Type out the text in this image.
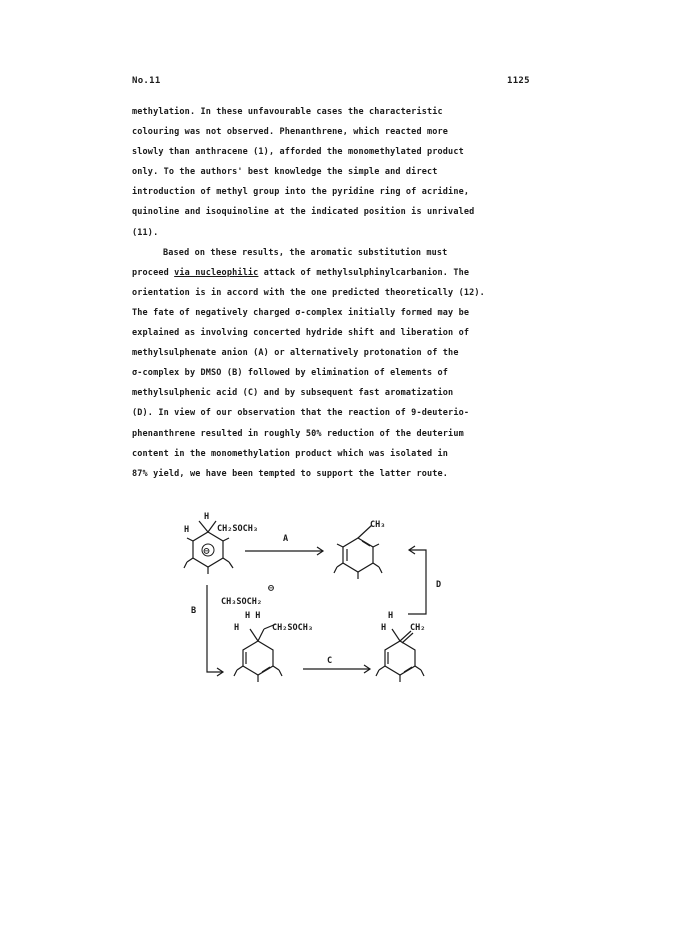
No.11	1125
methylation. In these unfavourable cases the characteristic
colouring was not observed. Phenanthrene, which reacted more
slowly than anthracene (1), afforded the monomethylated product
only. To the authors' best knowledge the simple and direct
introduction of methyl group into the pyridine ring of acridine,
quinoline and isoquinoline at the indicated position is unrivaled
(11).
Based on these results, the aromatic substitution must
proceed via nucleophilic attack of methylsulphinylcarbanion. The
orientation is in accord with the one predicted theoretically (12).
The fate of negatively charged σ-complex initially formed may be
explained as involving concerted hydride shift and liberation of
methylsulphenate anion (A) or alternatively protonation of the
σ-complex by DMSO (B) followed by elimination of elements of
methylsulphenic acid (C) and by subsequent fast aromatization
(D). In view of our observation that the reaction of 9-deuterio-
phenanthrene resulted in roughly 50% reduction of the deuterium
content in the monomethylation product which was isolated in
87% yield, we have been tempted to support the latter route.
H
H	CH₂SOCH₃
⊖
CH₃
CH₃SOCH₂
⊖
H H
H	CH₂SOCH₃
H
H	CH₂
A
B
C
D
